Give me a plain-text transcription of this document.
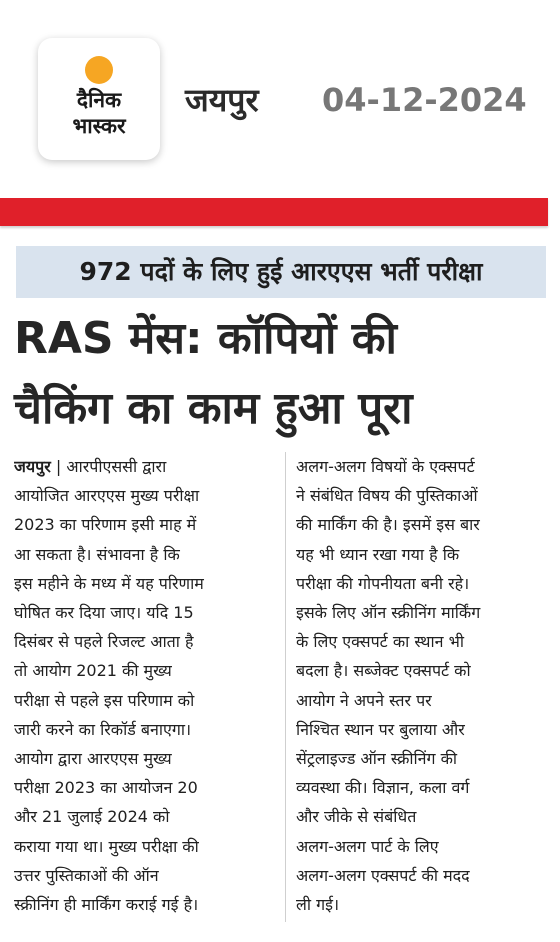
दैनिक
भास्कर
जयपुर 04-12-2024
972 पदों के लिए हुई आरएएस भर्ती परीक्षा
RAS मेंस: कॉपियों की
चैकिंग का काम हुआ पूरा
जयपुर | आरपीएससी द्वारा
आयोजित आरएएस मुख्य परीक्षा
2023 का परिणाम इसी माह में
आ सकता है। संभावना है कि
इस महीने के मध्य में यह परिणाम
घोषित कर दिया जाए। यदि 15
दिसंबर से पहले रिजल्ट आता है
तो आयोग 2021 की मुख्य
परीक्षा से पहले इस परिणाम को
जारी करने का रिकॉर्ड बनाएगा।
आयोग द्वारा आरएएस मुख्य
परीक्षा 2023 का आयोजन 20
और 21 जुलाई 2024 को
कराया गया था। मुख्य परीक्षा की
उत्तर पुस्तिकाओं की ऑन
स्क्रीनिंग ही मार्किंग कराई गई है।
अलग-अलग विषयों के एक्सपर्ट
ने संबंधित विषय की पुस्तिकाओं
की मार्किंग की है। इसमें इस बार
यह भी ध्यान रखा गया है कि
परीक्षा की गोपनीयता बनी रहे।
इसके लिए ऑन स्क्रीनिंग मार्किंग
के लिए एक्सपर्ट का स्थान भी
बदला है। सब्जेक्ट एक्सपर्ट को
आयोग ने अपने स्तर पर
निश्चित स्थान पर बुलाया और
सेंट्रलाइज्ड ऑन स्क्रीनिंग की
व्यवस्था की। विज्ञान, कला वर्ग
और जीके से संबंधित
अलग-अलग पार्ट के लिए
अलग-अलग एक्सपर्ट की मदद
ली गई।
